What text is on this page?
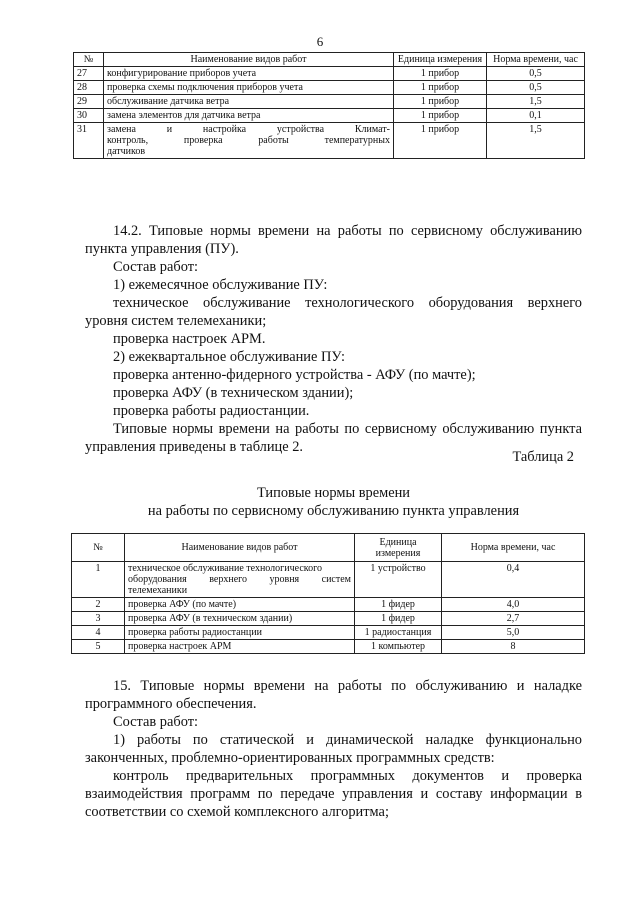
6
№	Наименование видов работ	Единица измерения	Норма времени, час
27	конфигурирование приборов учета	1 прибор	0,5
28	проверка схемы подключения приборов учета	1 прибор	0,5
29	обслуживание датчика ветра	1 прибор	1,5
30	замена элементов для датчика ветра	1 прибор	0,1
31	замена и настройка устройства Климат-
контроль, проверка работы температурных
датчиков	1 прибор	1,5

14.2. Типовые нормы времени на работы по сервисному обслуживанию пункта управления (ПУ).

Состав работ:

1) ежемесячное обслуживание ПУ:

техническое обслуживание технологического оборудования верхнего уровня систем телемеханики;

проверка настроек АРМ.

2) ежеквартальное обслуживание ПУ:

проверка антенно-фидерного устройства - АФУ (по мачте);

проверка АФУ (в техническом здании);

проверка работы радиостанции.

Типовые нормы времени на работы по сервисному обслуживанию пункта управления приведены в таблице 2.

Таблица 2
Типовые нормы времени
на работы по сервисному обслуживанию пункта управления
№	Наименование видов работ	Единица измерения	Норма времени, час
1	техническое обслуживание технологического
оборудования верхнего уровня систем
телемеханики	1 устройство	0,4
2	проверка АФУ (по мачте)	1 фидер	4,0
3	проверка АФУ (в техническом здании)	1 фидер	2,7
4	проверка работы радиостанции	1 радиостанция	5,0
5	проверка настроек АРМ	1 компьютер	8

15. Типовые нормы времени на работы по обслуживанию и наладке программного обеспечения.

Состав работ:

1) работы по статической и динамической наладке функционально законченных, проблемно-ориентированных программных средств:

контроль предварительных программных документов и проверка взаимодействия программ по передаче управления и составу информации в соответствии со схемой комплексного алгоритма;
